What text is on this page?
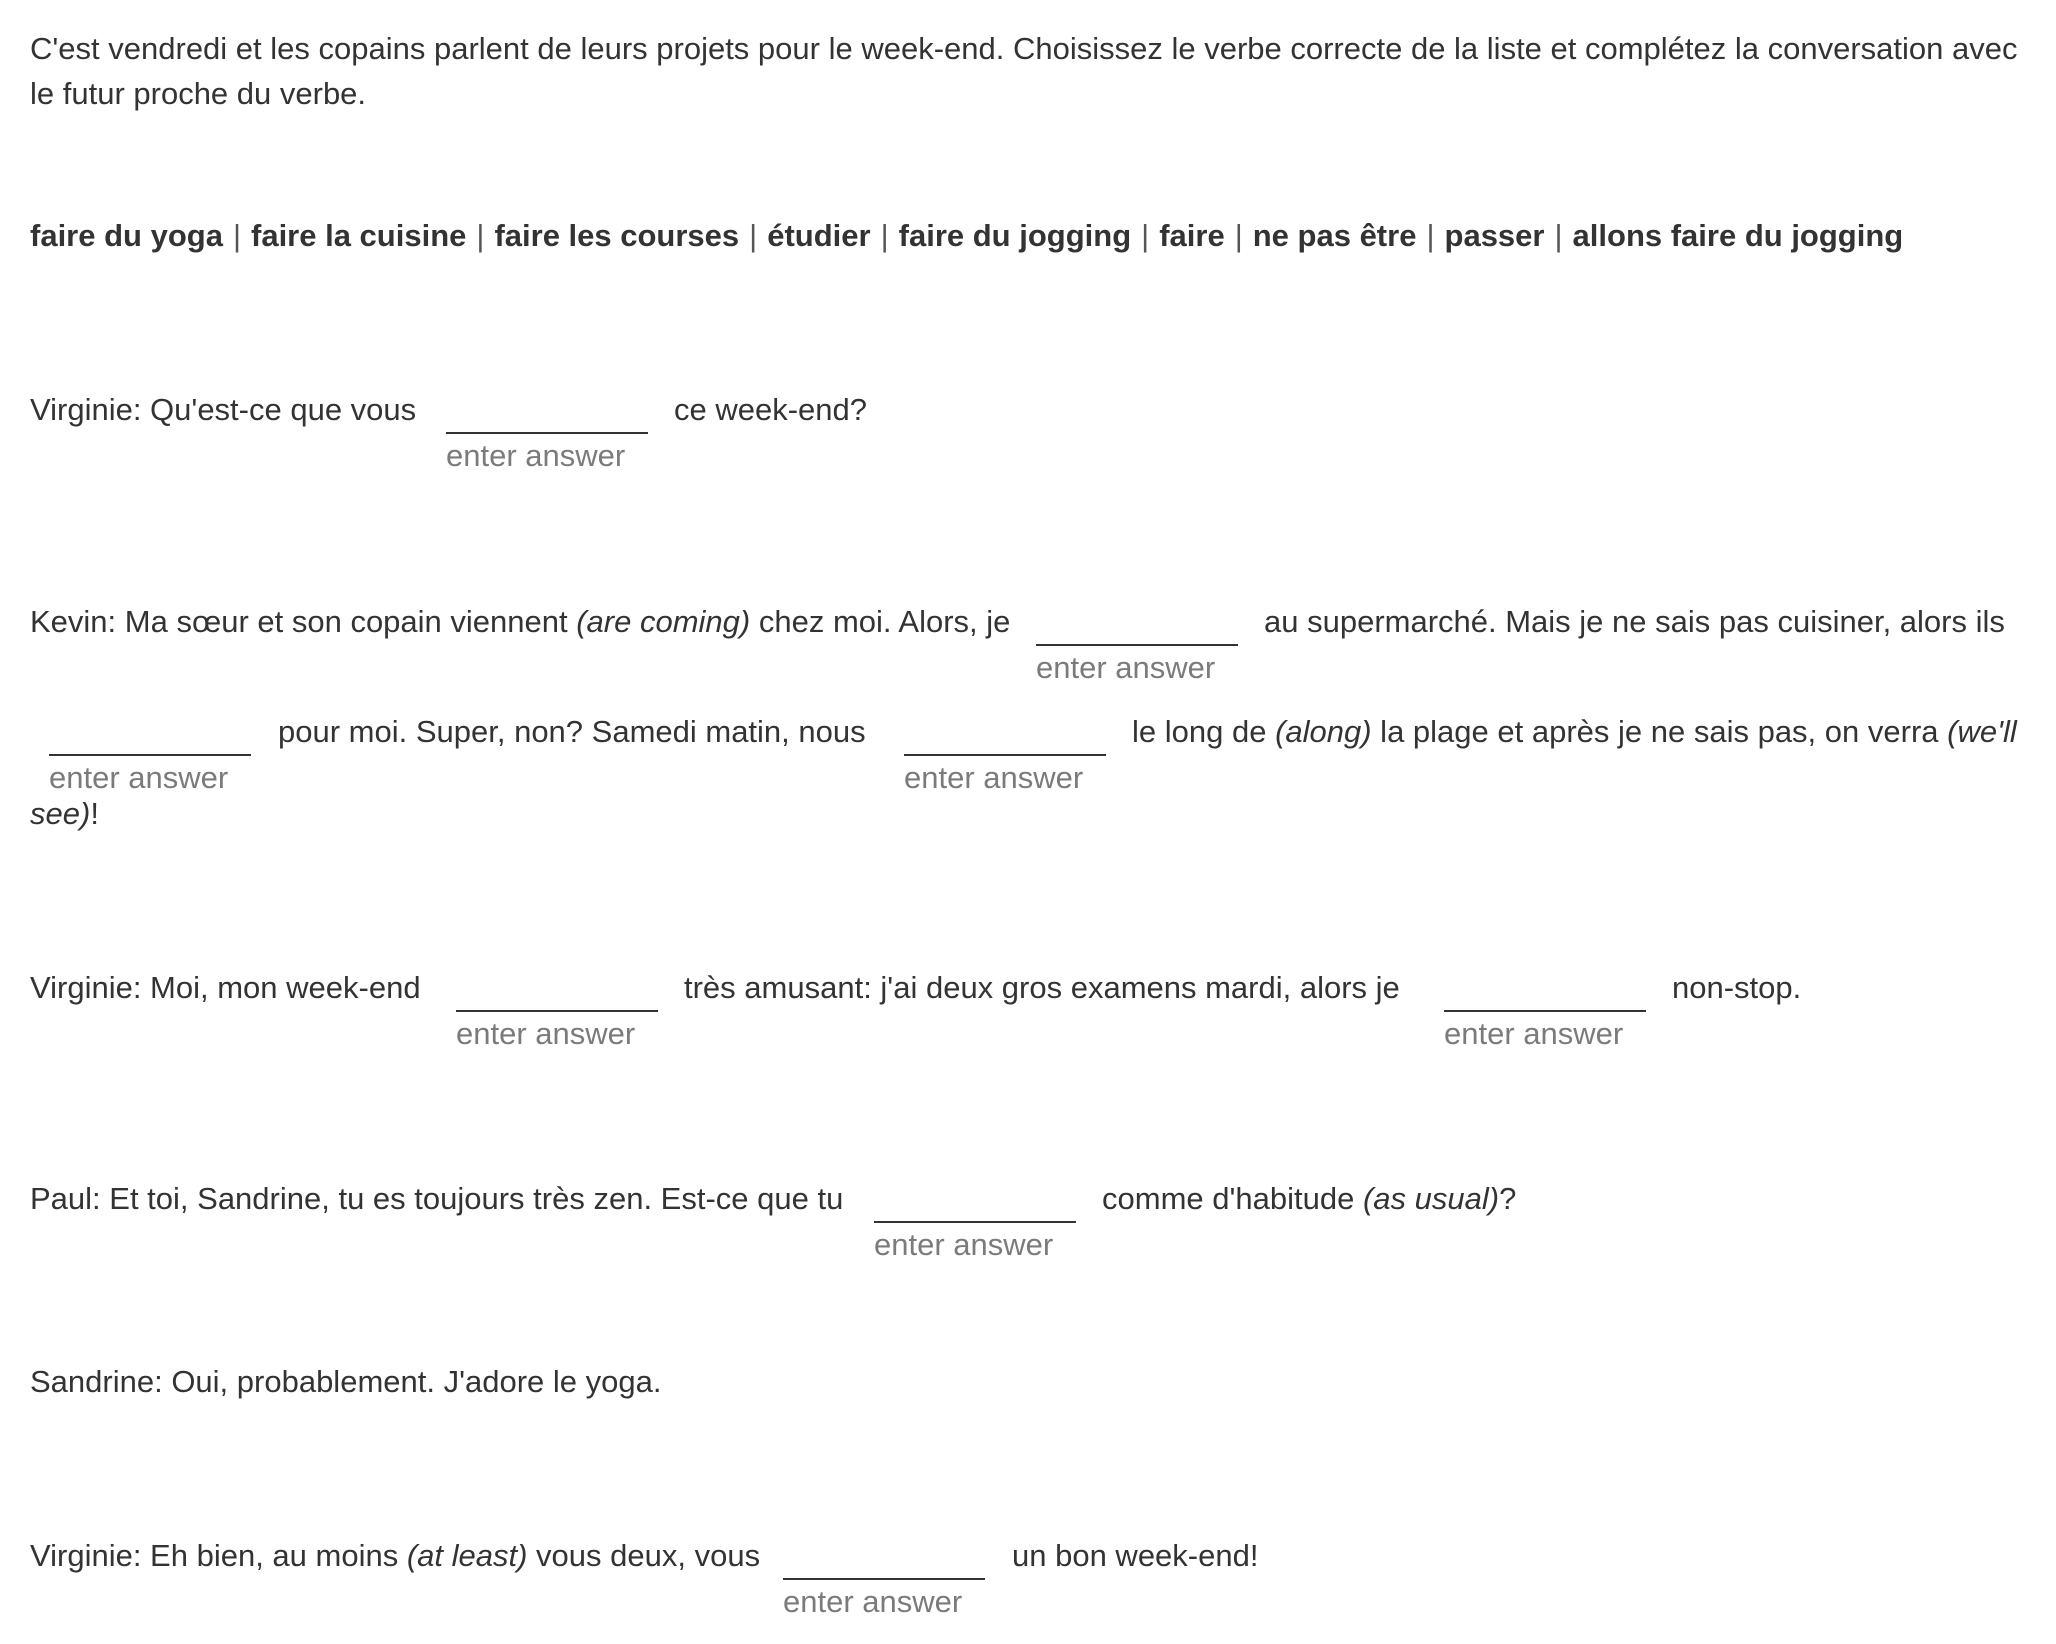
C'est vendredi et les copains parlent de leurs projets pour le week-end. Choisissez le verbe correcte de la liste et complétez la conversation avec le futur proche du verbe.
faire du yoga | faire la cuisine | faire les courses | étudier | faire du jogging | faire | ne pas être | passer | allons faire du jogging
Virginie: Qu'est-ce que vous
enter answer
ce week-end?
Kevin: Ma sœur et son copain viennent (are coming) chez moi. Alors, je
enter answer
au supermarché. Mais je ne sais pas cuisiner, alors ils
enter answer
pour moi. Super, non? Samedi matin, nous
enter answer
le long de (along) la plage et après je ne sais pas, on verra (we'll
see)!
Virginie: Moi, mon week-end
enter answer
très amusant: j'ai deux gros examens mardi, alors je
enter answer
non-stop.
Paul: Et toi, Sandrine, tu es toujours très zen. Est-ce que tu
enter answer
comme d'habitude (as usual)?
Sandrine: Oui, probablement. J'adore le yoga.
Virginie: Eh bien, au moins (at least) vous deux, vous
enter answer
un bon week-end!
